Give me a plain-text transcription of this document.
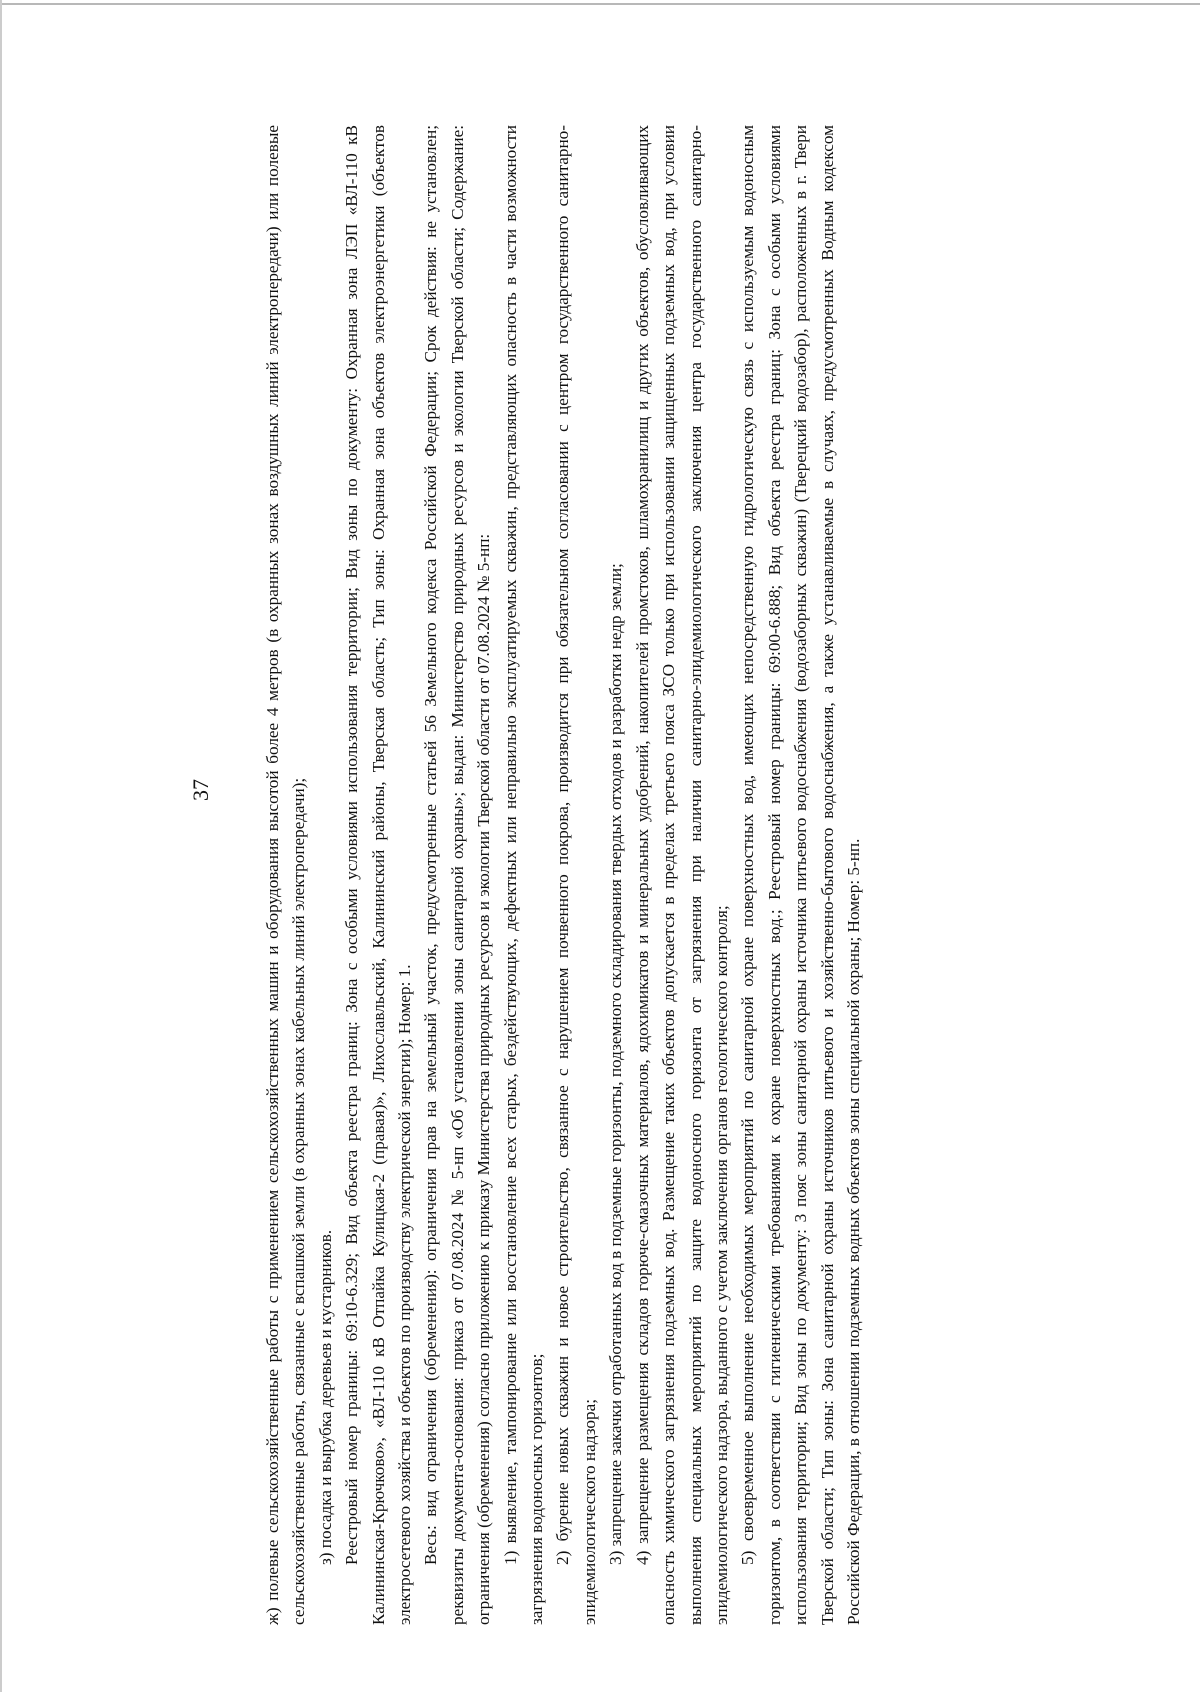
37	ж) полевые сельскохозяйственные работы с применением сельскохозяйственных машин и оборудования высотой более 4 метров (в охранных зонах воздушных линий электропередачи) или полевые сельскохозяйственные работы, связанные с вспашкой земли (в охранных зонах кабельных линий электропередачи); з) посадка и вырубка деревьев и кустарников. Реестровый номер границы: 69:10-6.329; Вид объекта реестра границ: Зона с особыми условиями использования территории; Вид зоны по документу: Охранная зона ЛЭП «ВЛ-110 кВ Калининская-Крючково», «ВЛ-110 кВ Отпайка Кулицкая-2 (правая)», Лихославльский, Калининский районы, Тверская область; Тип зоны: Охранная зона объектов электроэнергетики (объектов электросетевого хозяйства и объектов по производству электрической энергии); Номер: 1. Весь: вид ограничения (обременения): ограничения прав на земельный участок, предусмотренные статьей 56 Земельного кодекса Российской Федерации; Срок действия: не установлен; реквизиты документа-основания: приказ от 07.08.2024 № 5-нп «Об установлении зоны санитарной охраны»; выдан: Министерство природных ресурсов и экологии Тверской области; Содержание: ограничения (обременения) согласно приложению к приказу Министерства природных ресурсов и экологии Тверской области от 07.08.2024 № 5-нп: 1) выявление, тампонирование или восстановление всех старых, бездействующих, дефектных или неправильно эксплуатируемых скважин, представляющих опасность в части возможности загрязнения водоносных горизонтов; 2) бурение новых скважин и новое строительство, связанное с нарушением почвенного покрова, производится при обязательном согласовании с центром государственного санитарно-эпидемиологического надзора; 3) запрещение закачки отработанных вод в подземные горизонты, подземного складирования твердых отходов и разработки недр земли; 4) запрещение размещения складов горюче-смазочных материалов, ядохимикатов и минеральных удобрений, накопителей промстоков, шламохранилищ и других объектов, обусловливающих опасность химического загрязнения подземных вод. Размещение таких объектов допускается в пределах третьего пояса ЗСО только при использовании защищенных подземных вод, при условии выполнения специальных мероприятий по защите водоносного горизонта от загрязнения при наличии санитарно-эпидемиологического заключения центра государственного санитарно-эпидемиологического надзора, выданного с учетом заключения органов геологического контроля; 5) своевременное выполнение необходимых мероприятий по санитарной охране поверхностных вод, имеющих непосредственную гидрологическую связь с используемым водоносным горизонтом, в соответствии с гигиеническими требованиями к охране поверхностных вод.; Реестровый номер границы: 69:00-6.888; Вид объекта реестра границ: Зона с особыми условиями использования территории; Вид зоны по документу: 3 пояс зоны санитарной охраны источника питьевого водоснабжения (водозаборных скважин) (Тверецкий водозабор), расположенных в г. Твери Тверской области; Тип зоны: Зона санитарной охраны источников питьевого и хозяйственно-бытового водоснабжения, а также устанавливаемые в случаях, предусмотренных Водным кодексом Российской Федерации, в отношении подземных водных объектов зоны специальной охраны; Номер: 5-нп.
